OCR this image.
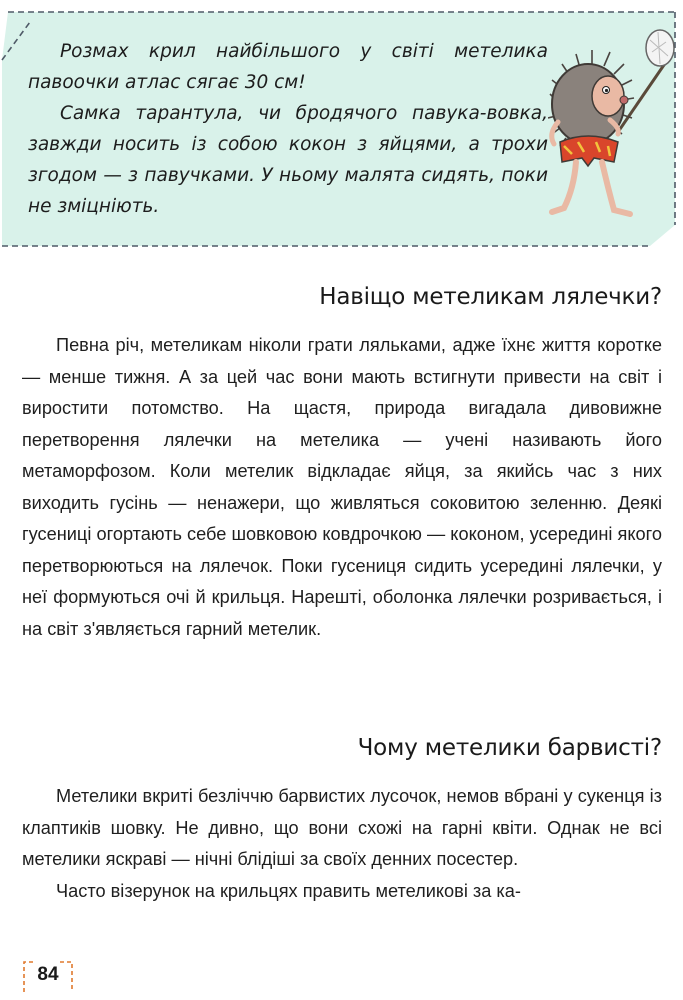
Розмах крил найбільшого у світі метелика павоочки атлас сягає 30 см!

Самка тарантула, чи бродячого павука-вовка, завжди носить із собою кокон з яйцями, а трохи згодом — з павучками. У ньому малята сидять, поки не зміцніють.

Навіщо метеликам лялечки?

Певна річ, метеликам ніколи грати ляльками, адже їхнє життя коротке — менше тижня. А за цей час вони мають встигнути привести на світ і виростити потомство. На щастя, природа вигадала дивовижне перетворення лялечки на метелика — учені називають його метаморфозом. Коли метелик відкладає яйця, за якийсь час з них виходить гусінь — ненажери, що живляться соковитою зеленню. Деякі гусениці огортають себе шовковою ковдрочкою — коконом, усередині якого перетворюються на лялечок. Поки гусениця сидить усередині лялечки, у неї формуються очі й крильця. Нарешті, оболонка лялечки розривається, і на світ з'являється гарний метелик.

Чому метелики барвисті?

Метелики вкриті безліччю барвистих лусочок, немов вбрані у сукенця із клаптиків шовку. Не дивно, що вони схожі на гарні квіти. Однак не всі метелики яскраві — нічні блідіші за своїх денних посестер.

Часто візерунок на крильцях править метеликові за ка-

84
